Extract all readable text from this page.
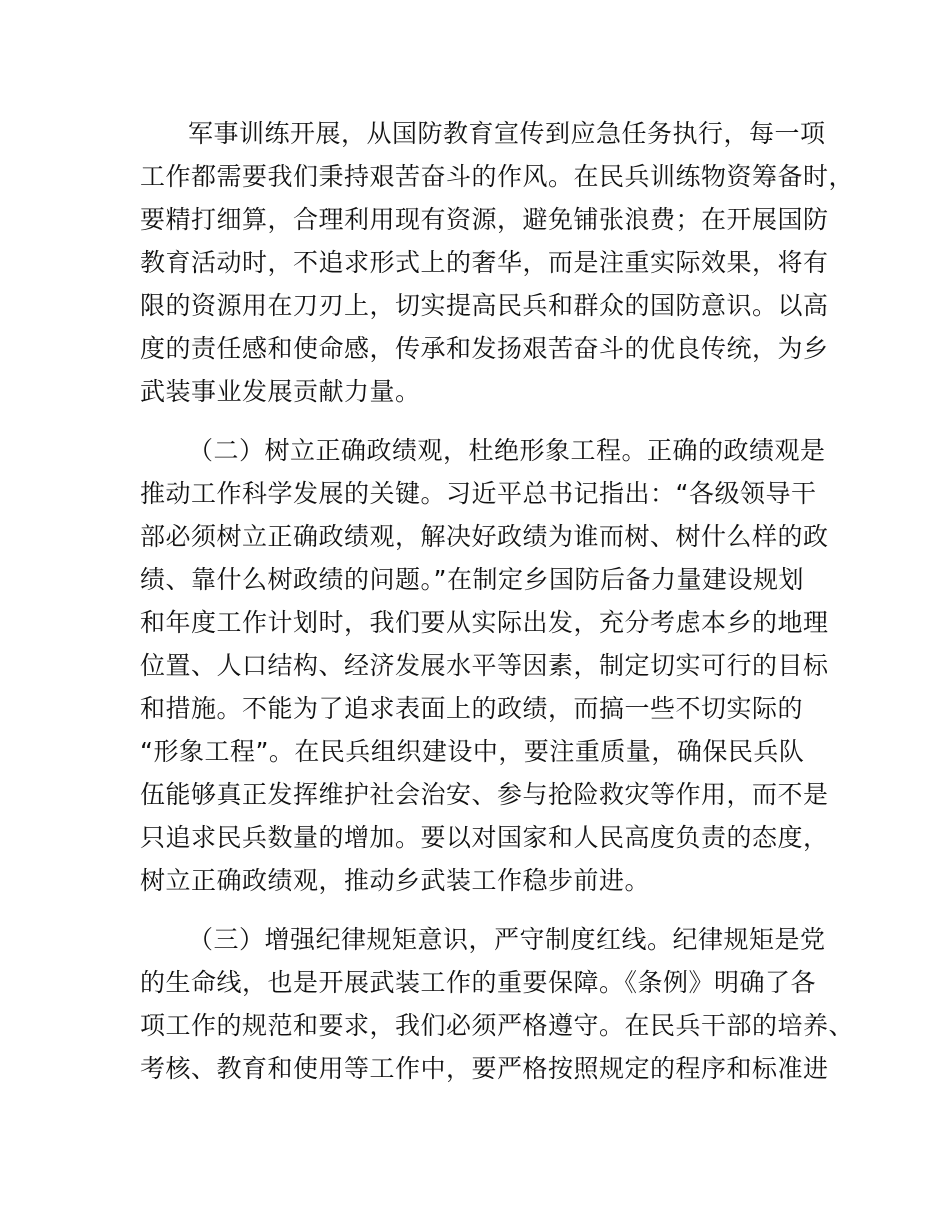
军事训练开展，从国防教育宣传到应急任务执行，每一项
工作都需要我们秉持艰苦奋斗的作风。在民兵训练物资筹备时，
要精打细算，合理利用现有资源，避免铺张浪费；在开展国防
教育活动时，不追求形式上的奢华，而是注重实际效果，将有
限的资源用在刀刃上，切实提高民兵和群众的国防意识。以高
度的责任感和使命感，传承和发扬艰苦奋斗的优良传统，为乡
武装事业发展贡献力量。
（二）树立正确政绩观，杜绝形象工程。正确的政绩观是
推动工作科学发展的关键。习近平总书记指出：“各级领导干
部必须树立正确政绩观，解决好政绩为谁而树、树什么样的政
绩、靠什么树政绩的问题。”在制定乡国防后备力量建设规划
和年度工作计划时，我们要从实际出发，充分考虑本乡的地理
位置、人口结构、经济发展水平等因素，制定切实可行的目标
和措施。不能为了追求表面上的政绩，而搞一些不切实际的
“形象工程”。在民兵组织建设中，要注重质量，确保民兵队
伍能够真正发挥维护社会治安、参与抢险救灾等作用，而不是
只追求民兵数量的增加。要以对国家和人民高度负责的态度，
树立正确政绩观，推动乡武装工作稳步前进。
（三）增强纪律规矩意识，严守制度红线。纪律规矩是党
的生命线，也是开展武装工作的重要保障。《条例》明确了各
项工作的规范和要求，我们必须严格遵守。在民兵干部的培养、
考核、教育和使用等工作中，要严格按照规定的程序和标准进
